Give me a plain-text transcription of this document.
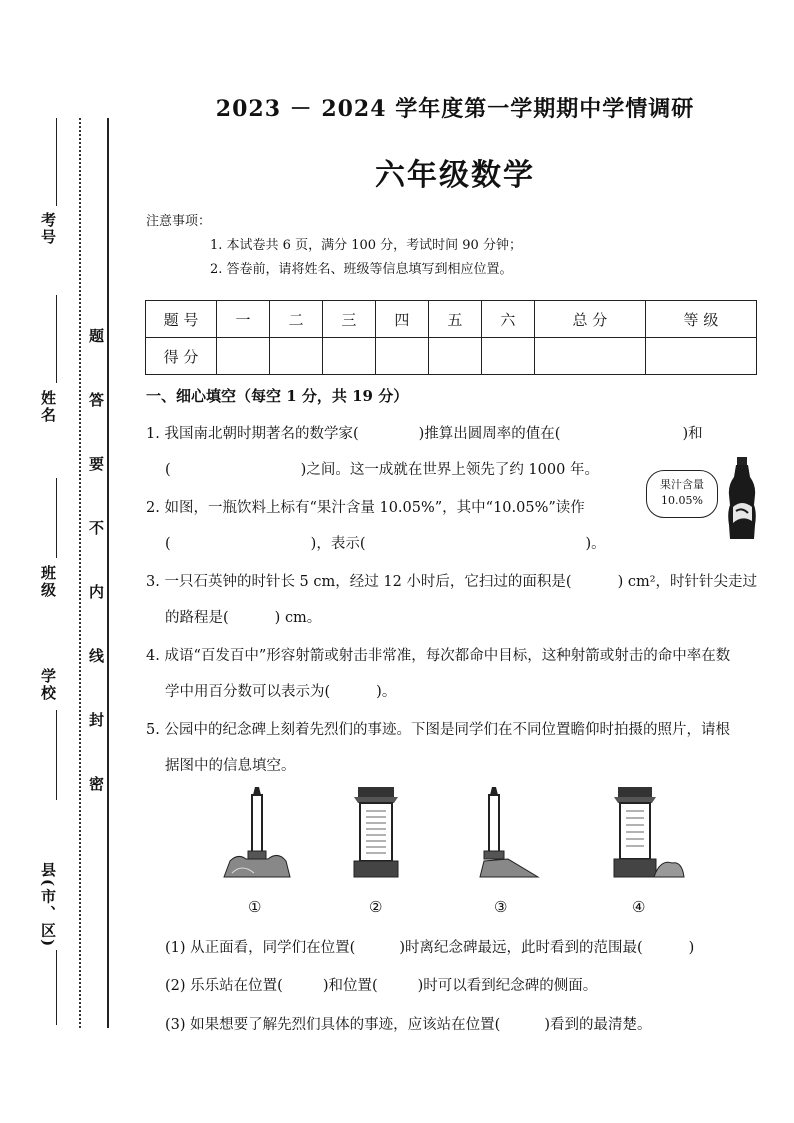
考号
姓名
班级
学校
县(市、区)
题
答
要
不
内
线
封
密
2023 － 2024 学年度第一学期期中学情调研
六年级数学
注意事项：
1. 本试卷共 6 页，满分 100 分，考试时间 90 分钟；
2. 答卷前，请将姓名、班级等信息填写到相应位置。
题 号	一	二	三	四	五	六	总 分	等 级
得 分								
一、细心填空（每空 1 分，共 19 分）
1. 我国南北朝时期著名的数学家(	)推算出圆周率的值在(	)和
(	)之间。这一成就在世界上领先了约 1000 年。
2. 如图，一瓶饮料上标有“果汁含量 10.05%”，其中“10.05%”读作
(	)，表示(	)。
果汁含量
10.05%
3. 一只石英钟的时针长 5 cm，经过 12 小时后，它扫过的面积是(	) cm²，时针针尖走过
的路程是(	) cm。
4. 成语“百发百中”形容射箭或射击非常准，每次都命中目标，这种射箭或射击的命中率在数
学中用百分数可以表示为(	)。
5. 公园中的纪念碑上刻着先烈们的事迹。下图是同学们在不同位置瞻仰时拍摄的照片，请根
据图中的信息填空。
①	②	③	④
(1) 从正面看，同学们在位置(	)时离纪念碑最远，此时看到的范围最(	)
(2) 乐乐站在位置(	)和位置(	)时可以看到纪念碑的侧面。
(3) 如果想要了解先烈们具体的事迹，应该站在位置(	)看到的最清楚。
